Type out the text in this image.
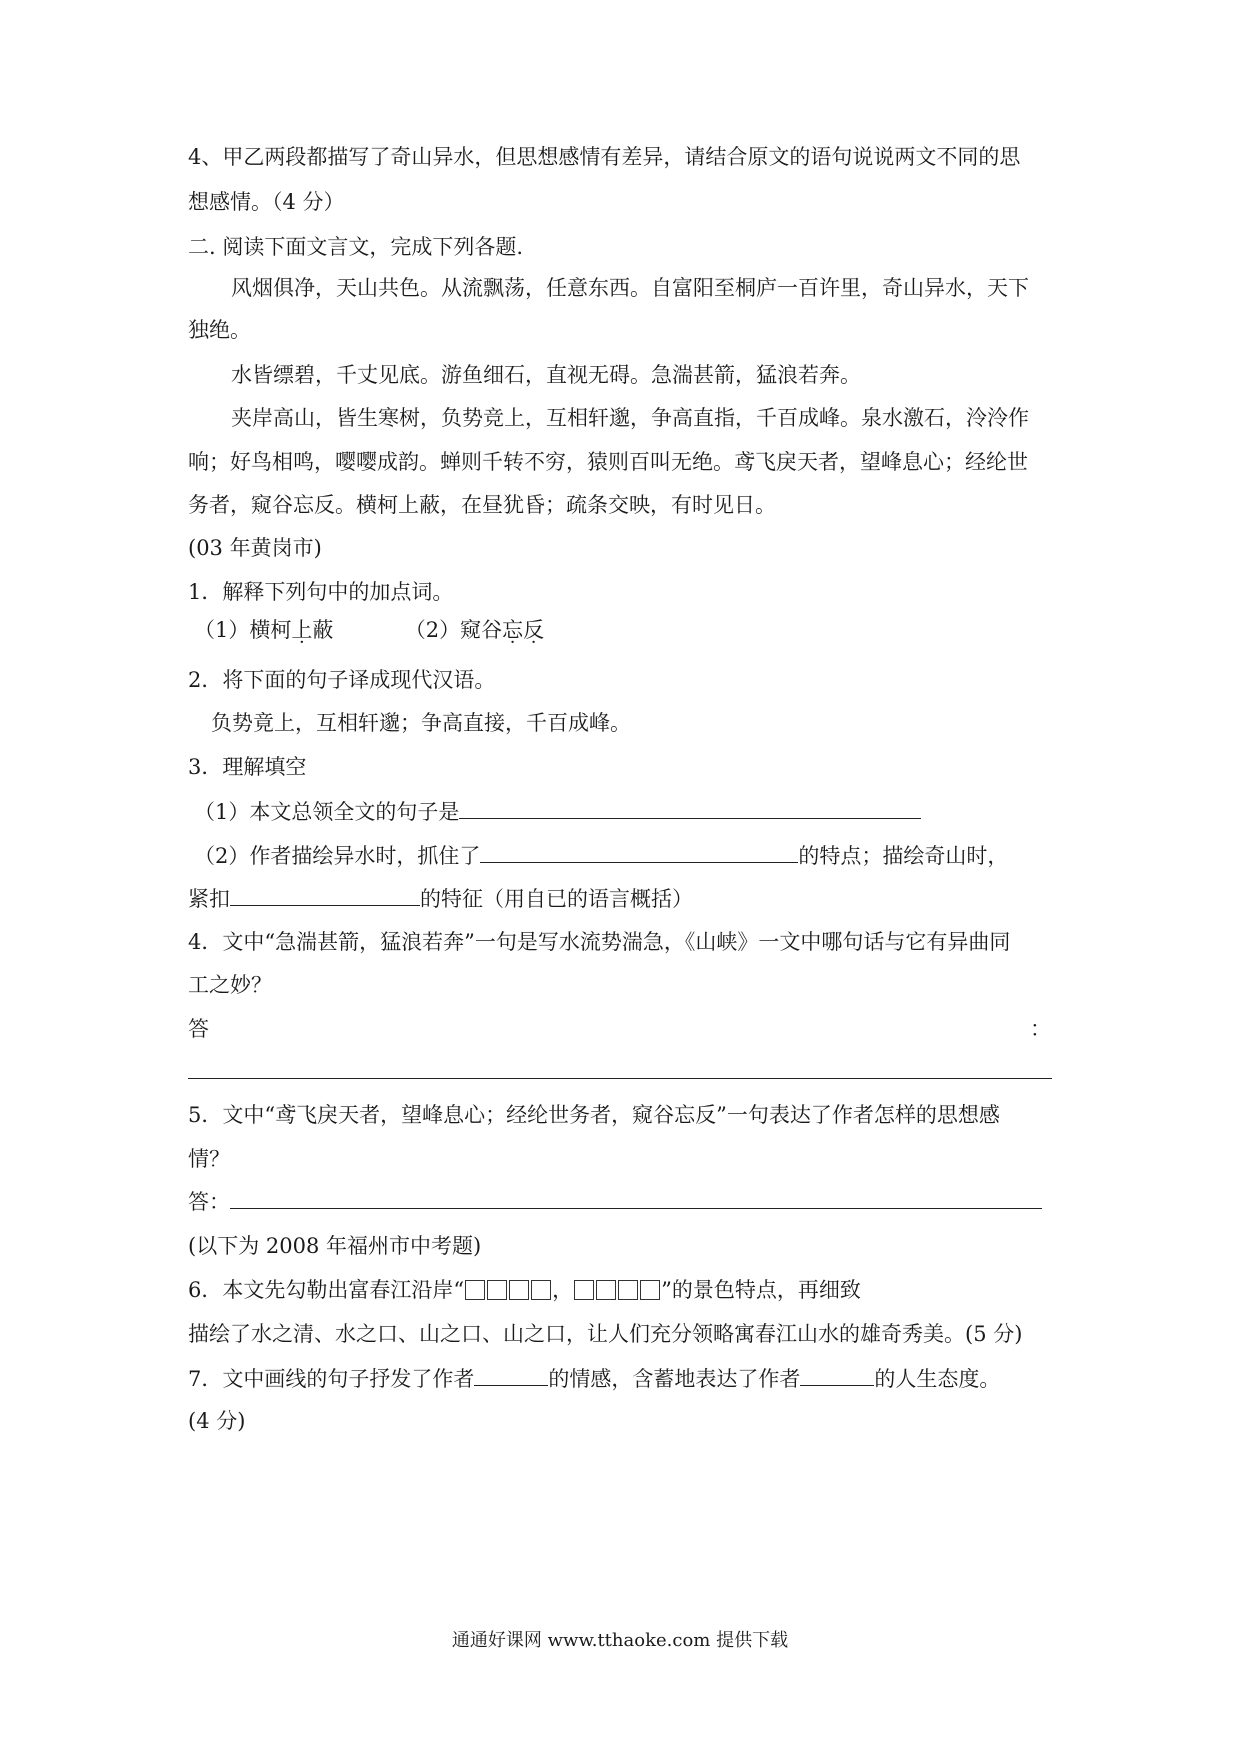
4、甲乙两段都描写了奇山异水，但思想感情有差异，请结合原文的语句说说两文不同的思
想感情。（4 分）
二. 阅读下面文言文，完成下列各题.
风烟俱净，天山共色。从流飘荡，任意东西。自富阳至桐庐一百许里，奇山异水，天下
独绝。
水皆缥碧，千丈见底。游鱼细石，直视无碍。急湍甚箭，猛浪若奔。
夹岸高山，皆生寒树，负势竞上，互相轩邈，争高直指，千百成峰。泉水激石，泠泠作
响；好鸟相鸣，嘤嘤成韵。蝉则千转不穷，猿则百叫无绝。鸢飞戾天者，望峰息心；经纶世
务者，窥谷忘反。横柯上蔽，在昼犹昏；疏条交映，有时见日。
(03 年黄岗市)
1．解释下列句中的加点词。
（1）横柯上蔽	（2）窥谷忘反
2．将下面的句子译成现代汉语。
负势竟上，互相轩邈；争高直接，千百成峰。
3．理解填空
（1）本文总领全文的句子是
（2）作者描绘异水时，抓住了	的特点；描绘奇山时，
紧扣	的特征（用自已的语言概括）
4．文中“急湍甚箭，猛浪若奔”一句是写水流势湍急，《山峡》一文中哪句话与它有异曲同
工之妙？
答	：
5．文中“鸢飞戾天者，望峰息心；经纶世务者，窥谷忘反”一句表达了作者怎样的思想感
情？
答：
(以下为 2008 年福州市中考题)
6．本文先勾勒出富春江沿岸“	，	”的景色特点，再细致
描绘了水之清、水之口、山之口、山之口，让人们充分领略寓春江山水的雄奇秀美。(5 分)
7．文中画线的句子抒发了作者	的情感，含蓄地表达了作者	的人生态度。
(4 分)
通通好课网 www.tthaoke.com 提供下载
